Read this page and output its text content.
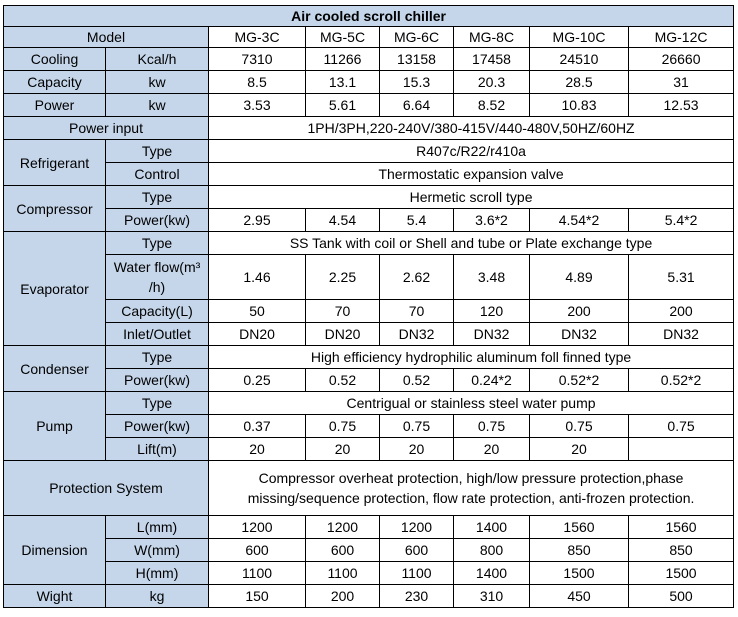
Air cooled scroll chiller							
Model		MG-3C	MG-5C	MG-6C	MG-8C	MG-10C	MG-12C
Cooling	Kcal/h	7310	11266	13158	17458	24510	26660
Capacity	kw	8.5	13.1	15.3	20.3	28.5	31
Power	kw	3.53	5.61	6.64	8.52	10.83	12.53
Power input		1PH/3PH,220-240V/380-415V/440-480V,50HZ/60HZ					
Refrigerant	Type	R407c/R22/r410a					
	Control	Thermostatic expansion valve					
Compressor	Type	Hermetic scroll type					
	Power(kw)	2.95	4.54	5.4	3.6*2	4.54*2	5.4*2
Evaporator	Type	SS Tank with coil or Shell and tube or Plate exchange type					
	Water flow(m³
/h)	1.46	2.25	2.62	3.48	4.89	5.31
	Capacity(L)	50	70	70	120	200	200
	Inlet/Outlet	DN20	DN20	DN32	DN32	DN32	DN32
Condenser	Type	High efficiency hydrophilic aluminum foll finned type					
	Power(kw)	0.25	0.52	0.52	0.24*2	0.52*2	0.52*2
Pump	Type	Centrigual or stainless steel water pump					
	Power(kw)	0.37	0.75	0.75	0.75	0.75	0.75
	Lift(m)	20	20	20	20	20	
Protection System		Compressor overheat protection, high/low pressure protection,phase
missing/sequence protection, flow rate protection, anti-frozen protection.					
Dimension	L(mm)	1200	1200	1200	1400	1560	1560
	W(mm)	600	600	600	800	850	850
	H(mm)	1100	1100	1100	1400	1500	1500
Wight	kg	150	200	230	310	450	500
